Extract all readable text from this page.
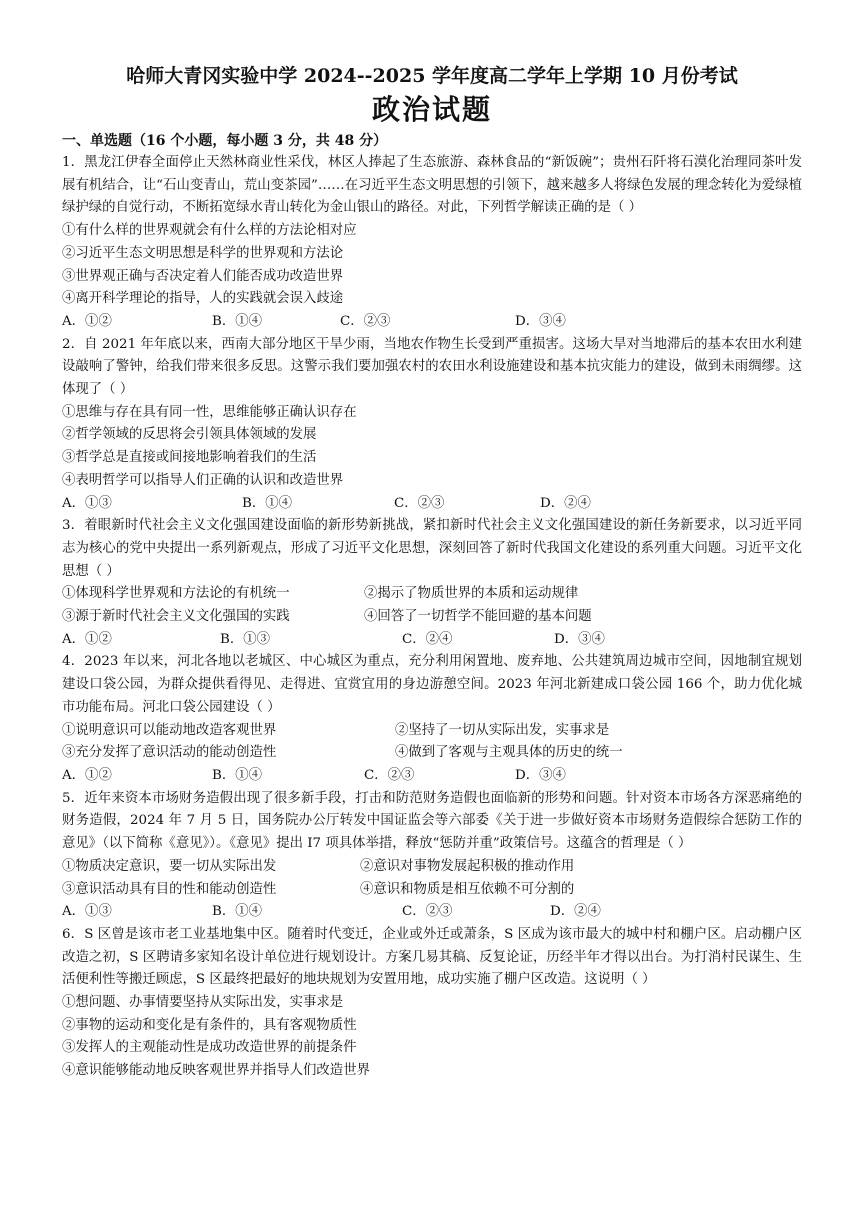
哈师大青冈实验中学 2024--2025 学年度高二学年上学期 10 月份考试
政治试题
一、单选题（16 个小题，每小题 3 分，共 48 分）
1．黑龙江伊春全面停止天然林商业性采伐，林区人捧起了生态旅游、森林食品的“新饭碗”；贵州石阡将石漠化治理同茶叶发展有机结合，让“石山变青山，荒山变茶园”……在习近平生态文明思想的引领下，越来越多人将绿色发展的理念转化为爱绿植绿护绿的自觉行动，不断拓宽绿水青山转化为金山银山的路径。对此，下列哲学解读正确的是（ ）
①有什么样的世界观就会有什么样的方法论相对应
②习近平生态文明思想是科学的世界观和方法论
③世界观正确与否决定着人们能否成功改造世界
④离开科学理论的指导，人的实践就会误入歧途
A．①②	B．①④	C．②③	D．③④
2．自 2021 年年底以来，西南大部分地区干旱少雨，当地农作物生长受到严重损害。这场大旱对当地滞后的基本农田水利建设敲响了警钟，给我们带来很多反思。这警示我们要加强农村的农田水利设施建设和基本抗灾能力的建设，做到未雨绸缪。这体现了（ ）
①思维与存在具有同一性，思维能够正确认识存在
②哲学领域的反思将会引领具体领域的发展
③哲学总是直接或间接地影响着我们的生活
④表明哲学可以指导人们正确的认识和改造世界
A．①③	B．①④	C．②③	D．②④
3．着眼新时代社会主义文化强国建设面临的新形势新挑战，紧扣新时代社会主义文化强国建设的新任务新要求，以习近平同志为核心的党中央提出一系列新观点，形成了习近平文化思想，深刻回答了新时代我国文化建设的系列重大问题。习近平文化思想（ ）
①体现科学世界观和方法论的有机统一	②揭示了物质世界的本质和运动规律
③源于新时代社会主义文化强国的实践	④回答了一切哲学不能回避的基本问题
A．①②	B．①③	C．②④	D．③④
4．2023 年以来，河北各地以老城区、中心城区为重点，充分利用闲置地、废弃地、公共建筑周边城市空间，因地制宜规划建设口袋公园，为群众提供看得见、走得进、宜赏宜用的身边游憩空间。2023 年河北新建成口袋公园 166 个，助力优化城市功能布局。河北口袋公园建设（ ）
①说明意识可以能动地改造客观世界	②坚持了一切从实际出发，实事求是
③充分发挥了意识活动的能动创造性	④做到了客观与主观具体的历史的统一
A．①②	B．①④	C．②③	D．③④
5．近年来资本市场财务造假出现了很多新手段，打击和防范财务造假也面临新的形势和问题。针对资本市场各方深恶痛绝的财务造假，2024 年 7 月 5 日，国务院办公厅转发中国证监会等六部委《关于进一步做好资本市场财务造假综合惩防工作的意见》（以下简称《意见》）。《意见》提出 I7 项具体举措，释放“惩防并重”政策信号。这蕴含的哲理是（ ）
①物质决定意识，要一切从实际出发	②意识对事物发展起积极的推动作用
③意识活动具有目的性和能动创造性	④意识和物质是相互依赖不可分割的
A．①③	B．①④	C．②③	D．②④
6．S 区曾是该市老工业基地集中区。随着时代变迁，企业或外迁或萧条，S 区成为该市最大的城中村和棚户区。启动棚户区改造之初，S 区聘请多家知名设计单位进行规划设计。方案几易其稿、反复论证，历经半年才得以出台。为打消村民谋生、生活便利性等搬迁顾虑，S 区最终把最好的地块规划为安置用地，成功实施了棚户区改造。这说明（ ）
①想问题、办事情要坚持从实际出发，实事求是
②事物的运动和变化是有条件的，具有客观物质性
③发挥人的主观能动性是成功改造世界的前提条件
④意识能够能动地反映客观世界并指导人们改造世界
